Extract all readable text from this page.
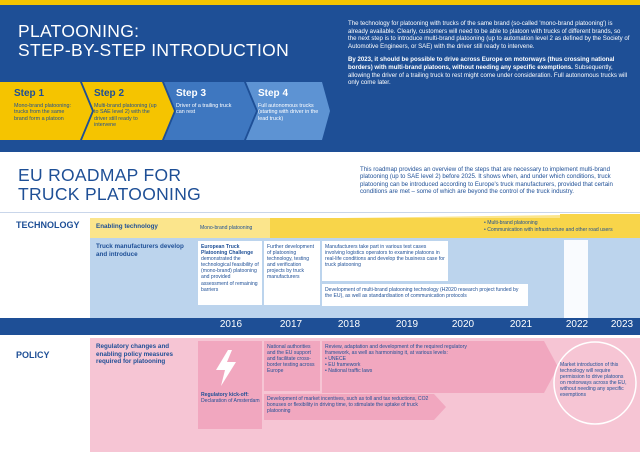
PLATOONING:
STEP-BY-STEP INTRODUCTION

The technology for platooning with trucks of the same brand (so-called 'mono-brand platooning') is already available. Clearly, customers will need to be able to platoon with trucks of different brands, so the next step is to introduce multi-brand platooning (up to automation level 2 as defined by the Society of Automotive Engineers, or SAE) with the driver still ready to intervene.

By 2023, it should be possible to drive across Europe on motorways (thus crossing national borders) with multi-brand platoons, without needing any specific exemptions. Subsequently, allowing the driver of a trailing truck to rest might come under consideration. Full autonomous trucks will only come later.

Step 1
Mono-brand platooning: trucks from the same brand form a platoon
Step 2
Multi-brand platooning (up to SAE level 2) with the driver still ready to intervene
Step 3
Driver of a trailing truck can rest
Step 4
Full autonomous trucks (starting with driver in the lead truck)
EU ROADMAP FOR
TRUCK PLATOONING
This roadmap provides an overview of the steps that are necessary to implement multi-brand platooning (up to SAE level 2) before 2025. It shows when, and under which conditions, truck platooning can be introduced according to Europe's truck manufacturers, provided that certain conditions are met – some of which are beyond the control of the truck industry.
TECHNOLOGY	Enabling technology	Mono-brand platooning
• Multi-brand platooning
• Communication with infrastructure and other road users
Truck manufacturers develop and introduce
European Truck Platooning Challenge demonstrated the technological feasibility of (mono-brand) platooning and provided assessment of remaining barriers
Further development of platooning technology, testing and verification projects by truck manufacturers
Manufacturers take part in various test cases involving logistics operators to examine platoons in real-life conditions and develop the business case for truck platooning
Development of multi-brand platooning technology (H2020 research project funded by the EU), as well as standardisation of communication protocols
2016	2017	2018	2019	2020	2021	2022	2023
POLICY
Regulatory changes and enabling policy measures required for platooning
Regulatory kick-off: Declaration of Amsterdam
National authorities and the EU support and facilitate cross-border testing across Europe
Review, adaptation and development of the required regulatory framework, as well as harmonising it, at various levels:
• UNECE
• EU framework
• National traffic laws
Development of market incentives, such as toll and tax reductions, CO2 bonuses or flexibility in driving time, to stimulate the uptake of truck platooning
Market introduction of this technology will require permission to drive platoons on motorways across the EU, without needing any specific exemptions
